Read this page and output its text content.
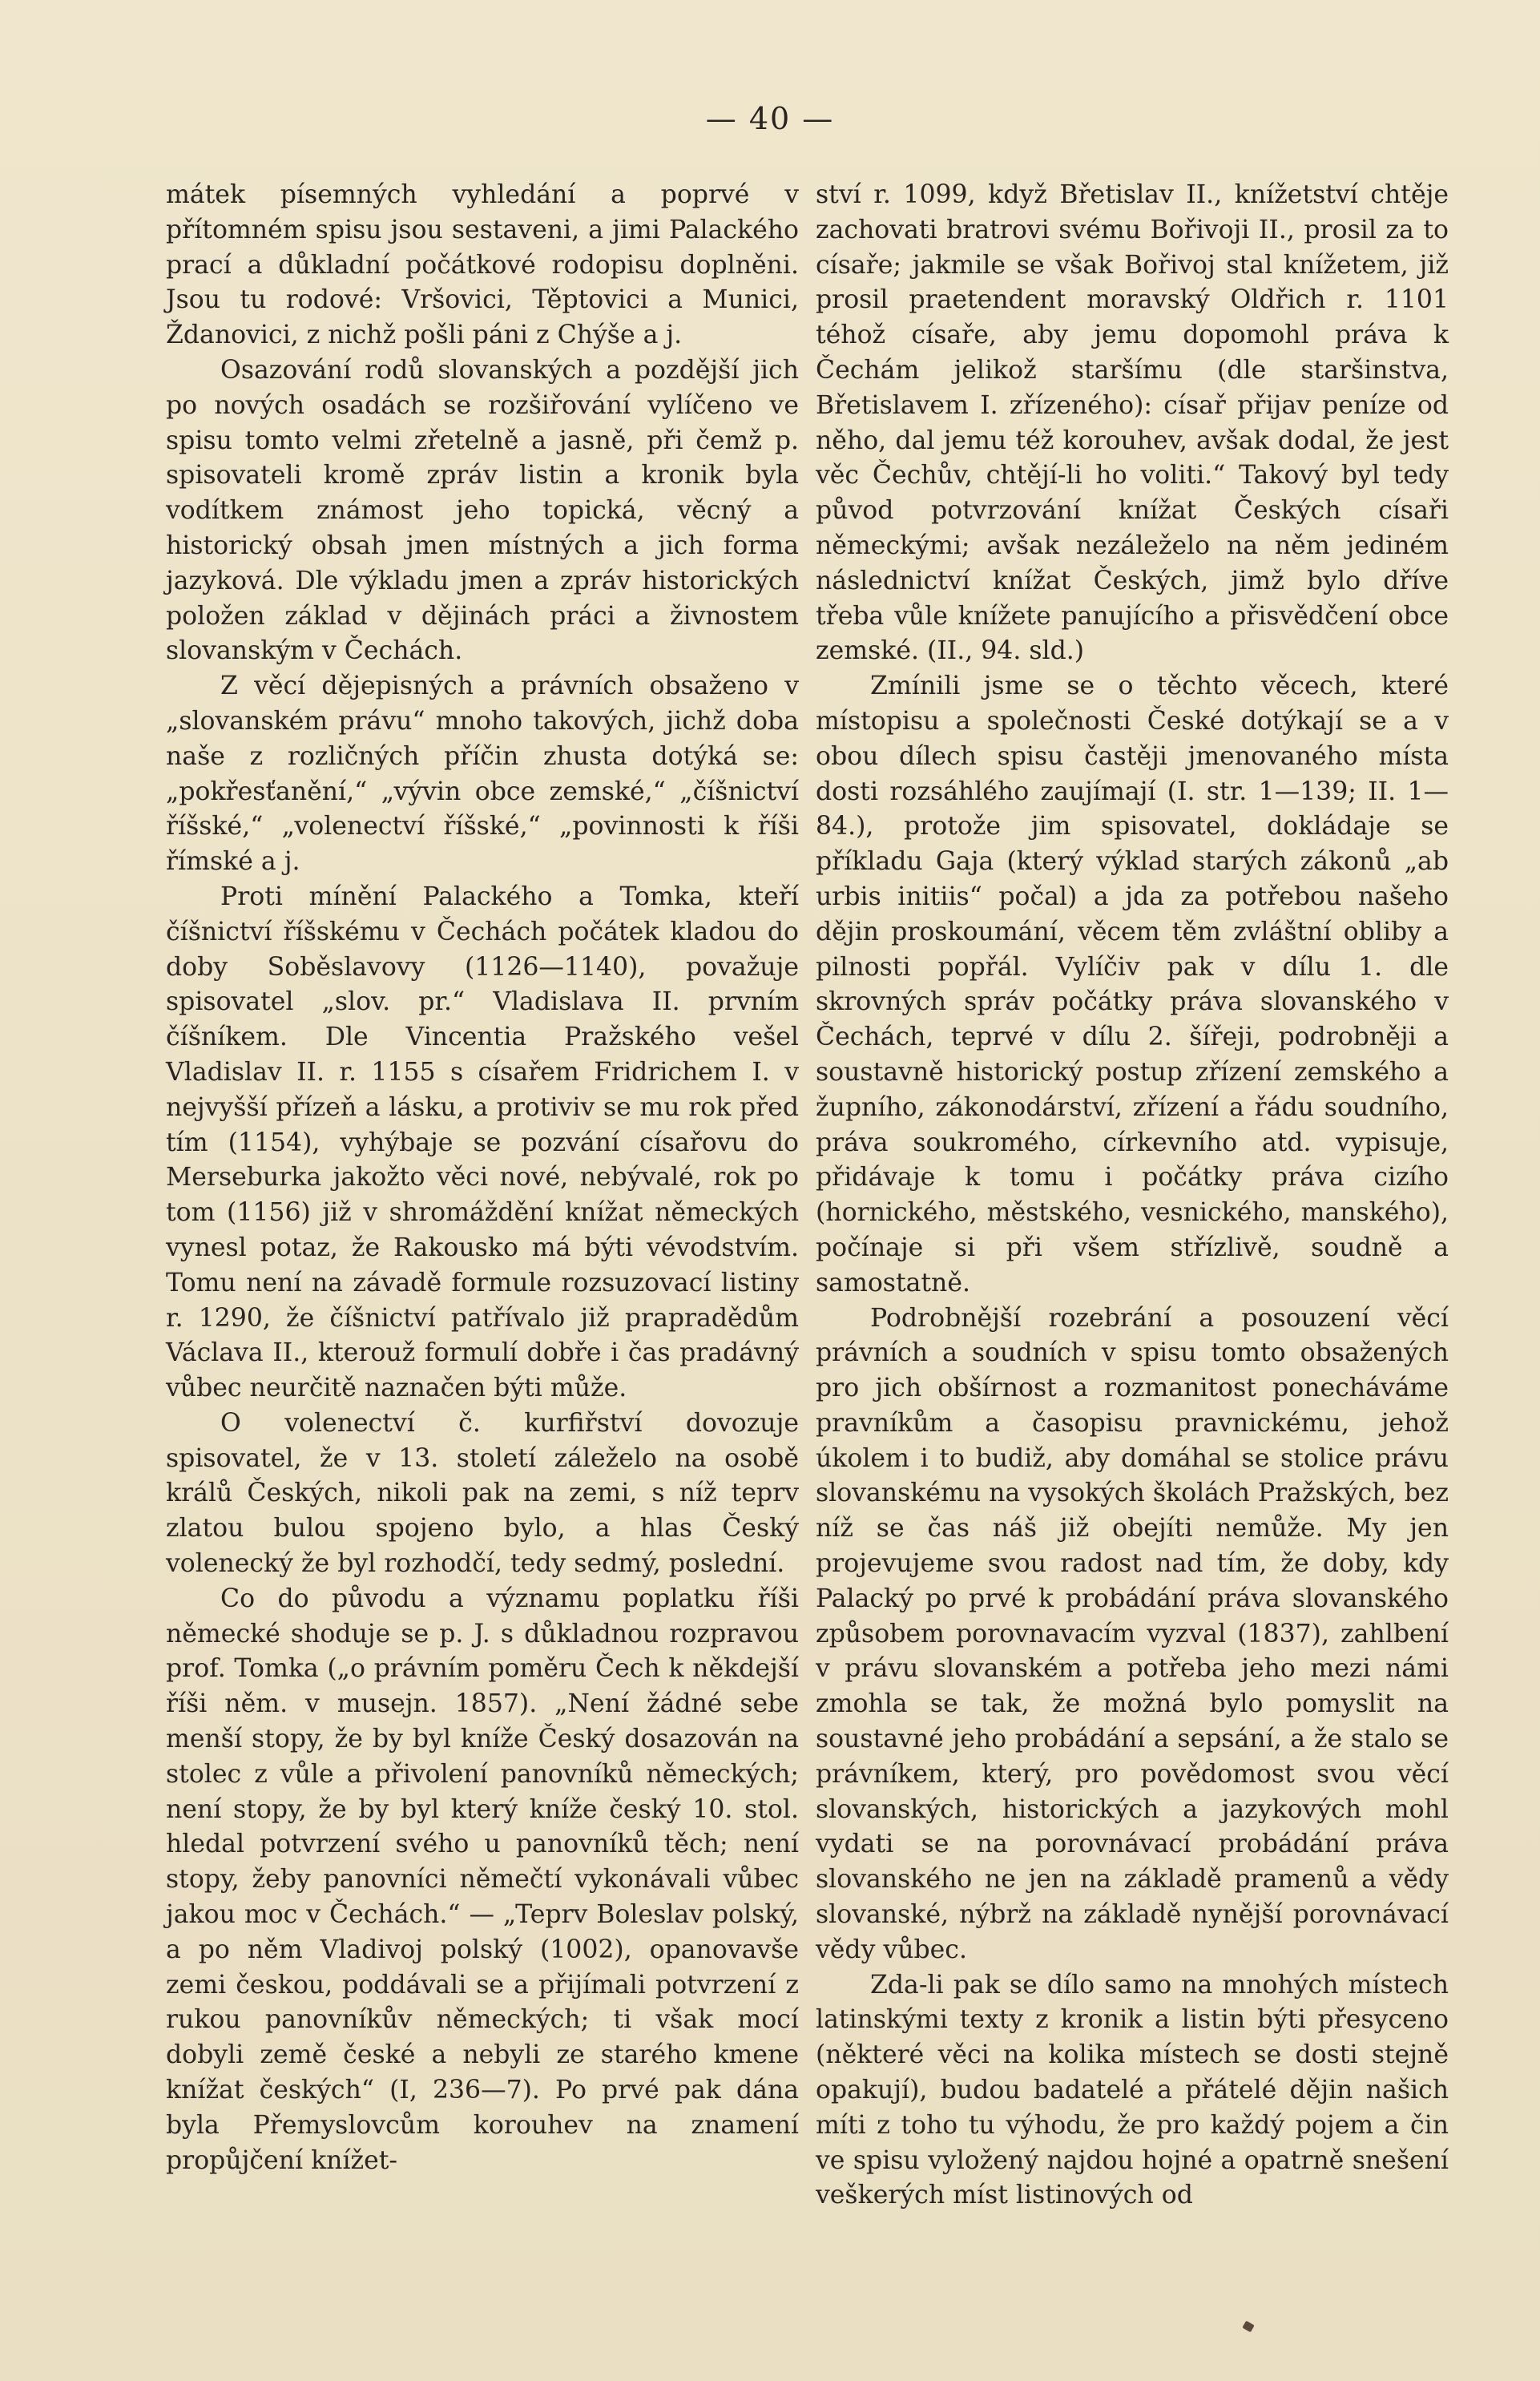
— 40 —

mátek písemných vyhledání a poprvé v přítomném spisu jsou sestaveni, a jimi Palackého prací a důkladní počátkové rodopisu doplněni. Jsou tu rodové: Vršovici, Těptovici a Munici, Ždanovici, z nichž pošli páni z Chýše a j.

Osazování rodů slovanských a pozdější jich po nových osadách se rozšiřování vylíčeno ve spisu tomto velmi zřetelně a jasně, při čemž p. spisovateli kromě zpráv listin a kronik byla vodítkem známost jeho topická, věcný a historický obsah jmen místných a jich forma jazyková. Dle výkladu jmen a zpráv historických položen základ v dějinách práci a živnostem slovanským v Čechách.

Z věcí dějepisných a právních obsaženo v „slovanském právu“ mnoho takových, jichž doba naše z rozličných příčin zhusta dotýká se: „pokřesťanění,“ „vývin obce zemské,“ „číšnictví říšské,“ „volenectví říšské,“ „povinnosti k říši římské a j.

Proti mínění Palackého a Tomka, kteří číšnictví říšskému v Čechách počátek kladou do doby Soběslavovy (1126—1140), považuje spisovatel „slov. pr.“ Vladislava II. prvním číšníkem. Dle Vincentia Pražského vešel Vladislav II. r. 1155 s císařem Fridrichem I. v nejvyšší přízeň a lásku, a protiviv se mu rok před tím (1154), vyhýbaje se pozvání císařovu do Merseburka jakožto věci nové, nebývalé, rok po tom (1156) již v shromáždění knížat německých vynesl potaz, že Rakousko má býti vévodstvím. Tomu není na závadě formule rozsuzovací listiny r. 1290, že číšnictví patřívalo již prapradědům Václava II., kterouž formulí dobře i čas pradávný vůbec neurčitě naznačen býti může.

O volenectví č. kurfiřství dovozuje spisovatel, že v 13. století záleželo na osobě králů Českých, nikoli pak na zemi, s níž teprv zlatou bulou spojeno bylo, a hlas Český volenecký že byl rozhodčí, tedy sedmý, poslední.

Co do původu a významu poplatku říši německé shoduje se p. J. s důkladnou rozpravou prof. Tomka („o právním poměru Čech k někdejší říši něm. v musejn. 1857). „Není žádné sebe menší stopy, že by byl kníže Český dosazován na stolec z vůle a přivolení panovníků německých; není stopy, že by byl který kníže český 10. stol. hledal potvrzení svého u panovníků těch; není stopy, žeby panovníci němečtí vykonávali vůbec jakou moc v Čechách.“ — „Teprv Boleslav polský, a po něm Vladivoj polský (1002), opanovavše zemi českou, poddávali se a přijímali potvrzení z rukou panovníkův německých; ti však mocí dobyli země české a nebyli ze starého kmene knížat českých“ (I, 236—7). Po prvé pak dána byla Přemyslovcům korouhev na znamení propůjčení knížet-

ství r. 1099, když Břetislav II., knížetství chtěje zachovati bratrovi svému Bořivoji II., prosil za to císaře; jakmile se však Bořivoj stal knížetem, již prosil praetendent moravský Oldřich r. 1101 téhož císaře, aby jemu dopomohl práva k Čechám jelikož staršímu (dle staršinstva, Břetislavem I. zřízeného): císař přijav peníze od něho, dal jemu též korouhev, avšak dodal, že jest věc Čechův, chtějí-li ho voliti.“ Takový byl tedy původ potvrzování knížat Českých císaři německými; avšak nezáleželo na něm jediném následnictví knížat Českých, jimž bylo dříve třeba vůle knížete panujícího a přisvědčení obce zemské. (II., 94. sld.)

Zmínili jsme se o těchto věcech, které místopisu a společnosti České dotýkají se a v obou dílech spisu častěji jmenovaného místa dosti rozsáhlého zaujímají (I. str. 1—139; II. 1—84.), protože jim spisovatel, dokládaje se příkladu Gaja (který výklad starých zákonů „ab urbis initiis“ počal) a jda za potřebou našeho dějin proskoumání, věcem těm zvláštní obliby a pilnosti popřál. Vylíčiv pak v dílu 1. dle skrovných správ počátky práva slovanského v Čechách, teprvé v dílu 2. šířeji, podrobněji a soustavně historický postup zřízení zemského a župního, zákonodárství, zřízení a řádu soudního, práva soukromého, církevního atd. vypisuje, přidávaje k tomu i počátky práva cizího (hornického, městského, vesnického, manského), počínaje si při všem střízlivě, soudně a samostatně.

Podrobnější rozebrání a posouzení věcí právních a soudních v spisu tomto obsažených pro jich obšírnost a rozmanitost ponecháváme pravníkům a časopisu pravnickému, jehož úkolem i to budiž, aby domáhal se stolice právu slovanskému na vysokých školách Pražských, bez níž se čas náš již obejíti nemůže. My jen projevujeme svou radost nad tím, že doby, kdy Palacký po prvé k probádání práva slovanského způsobem porovnavacím vyzval (1837), zahlbení v právu slovanském a potřeba jeho mezi námi zmohla se tak, že možná bylo pomyslit na soustavné jeho probádání a sepsání, a že stalo se právníkem, který, pro povědomost svou věcí slovanských, historických a jazykových mohl vydati se na porovnávací probádání práva slovanského ne jen na základě pramenů a vědy slovanské, nýbrž na základě nynější porovnávací vědy vůbec.

Zda-li pak se dílo samo na mnohých místech latinskými texty z kronik a listin býti přesyceno (některé věci na kolika místech se dosti stejně opakují), budou badatelé a přátelé dějin našich míti z toho tu výhodu, že pro každý pojem a čin ve spisu vyložený najdou hojné a opatrně snešení veškerých míst listinových od
